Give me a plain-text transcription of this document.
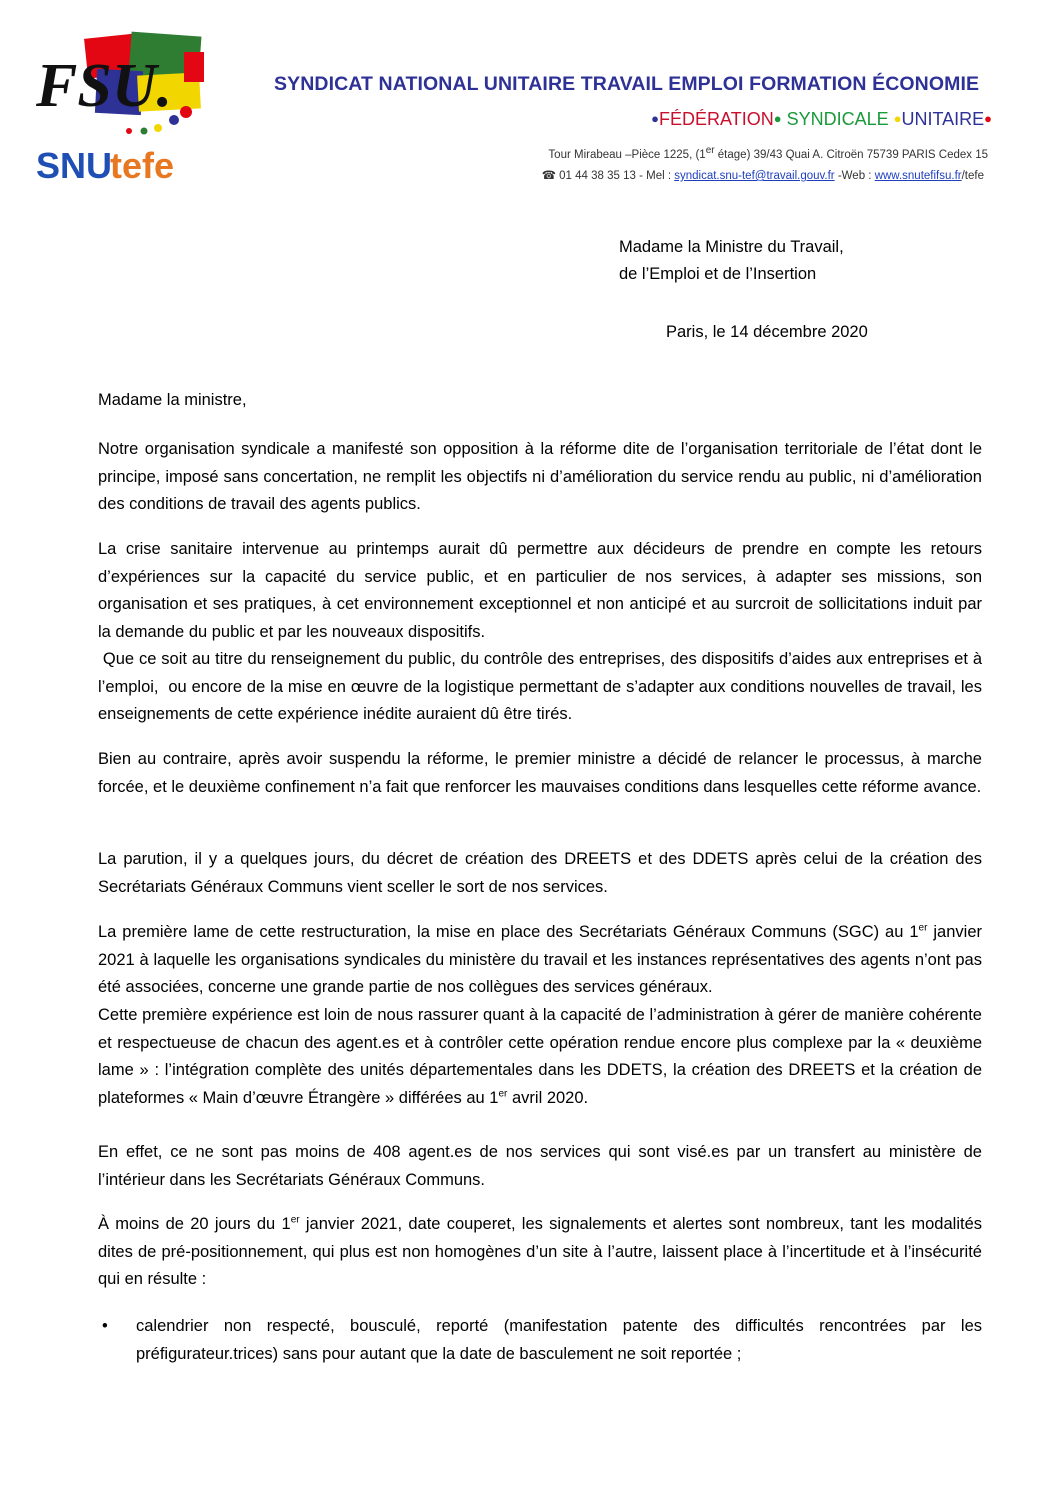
FSU.
SNU
tefe
SYNDICAT NATIONAL UNITAIRE TRAVAIL EMPLOI FORMATION ÉCONOMIE
●FÉDÉRATION● SYNDICALE ●UNITAIRE●
Tour Mirabeau –Pièce 1225, (1er étage) 39/43 Quai A. Citroën 75739 PARIS Cedex 15
☎ 01 44 38 35 13 - Mel : syndicat.snu-tef@travail.gouv.fr -Web : www.snutefifsu.fr/tefe
Madame la Ministre du Travail,
de l’Emploi et de l’Insertion
Paris, le 14 décembre 2020
Madame la ministre,

Notre organisation syndicale a manifesté son opposition à la réforme dite de l’organisation territoriale de l’état dont le principe, imposé sans concertation, ne remplit les objectifs ni d’amélioration du service rendu au public, ni d’amélioration des conditions de travail des agents publics.

La crise sanitaire intervenue au printemps aurait dû permettre aux décideurs de prendre en compte les retours d’expériences sur la capacité du service public, et en particulier de nos services, à adapter ses missions, son organisation et ses pratiques, à cet environnement exceptionnel et non anticipé et au surcroit de sollicitations induit par la demande du public et par les nouveaux dispositifs.

Que ce soit au titre du renseignement du public, du contrôle des entreprises, des dispositifs d’aides aux entreprises et à l’emploi,  ou encore de la mise en œuvre de la logistique permettant de s’adapter aux conditions nouvelles de travail, les enseignements de cette expérience inédite auraient dû être tirés.

Bien au contraire, après avoir suspendu la réforme, le premier ministre a décidé de relancer le processus, à marche forcée, et le deuxième confinement n’a fait que renforcer les mauvaises conditions dans lesquelles cette réforme avance.

La parution, il y a quelques jours, du décret de création des DREETS et des DDETS après celui de la création des Secrétariats Généraux Communs vient sceller le sort de nos services.

La première lame de cette restructuration, la mise en place des Secrétariats Généraux Communs (SGC) au 1er janvier 2021 à laquelle les organisations syndicales du ministère du travail et les instances représentatives des agents n’ont pas été associées, concerne une grande partie de nos collègues des services généraux.

Cette première expérience est loin de nous rassurer quant à la capacité de l’administration à gérer de manière cohérente et respectueuse de chacun des agent.es et à contrôler cette opération rendue encore plus complexe par la « deuxième lame » : l’intégration complète des unités départementales dans les DDETS, la création des DREETS et la création de plateformes « Main d’œuvre Étrangère » différées au 1er avril 2020.

En effet, ce ne sont pas moins de 408 agent.es de nos services qui sont visé.es par un transfert au ministère de l’intérieur dans les Secrétariats Généraux Communs.

À moins de 20 jours du 1er janvier 2021, date couperet, les signalements et alertes sont nombreux, tant les modalités dites de pré-positionnement, qui plus est non homogènes d’un site à l’autre, laissent place à l’incertitude et à l’insécurité qui en résulte :

• calendrier non respecté, bousculé, reporté (manifestation patente des difficultés rencontrées par les préfigurateur.trices) sans pour autant que la date de basculement ne soit reportée ;
